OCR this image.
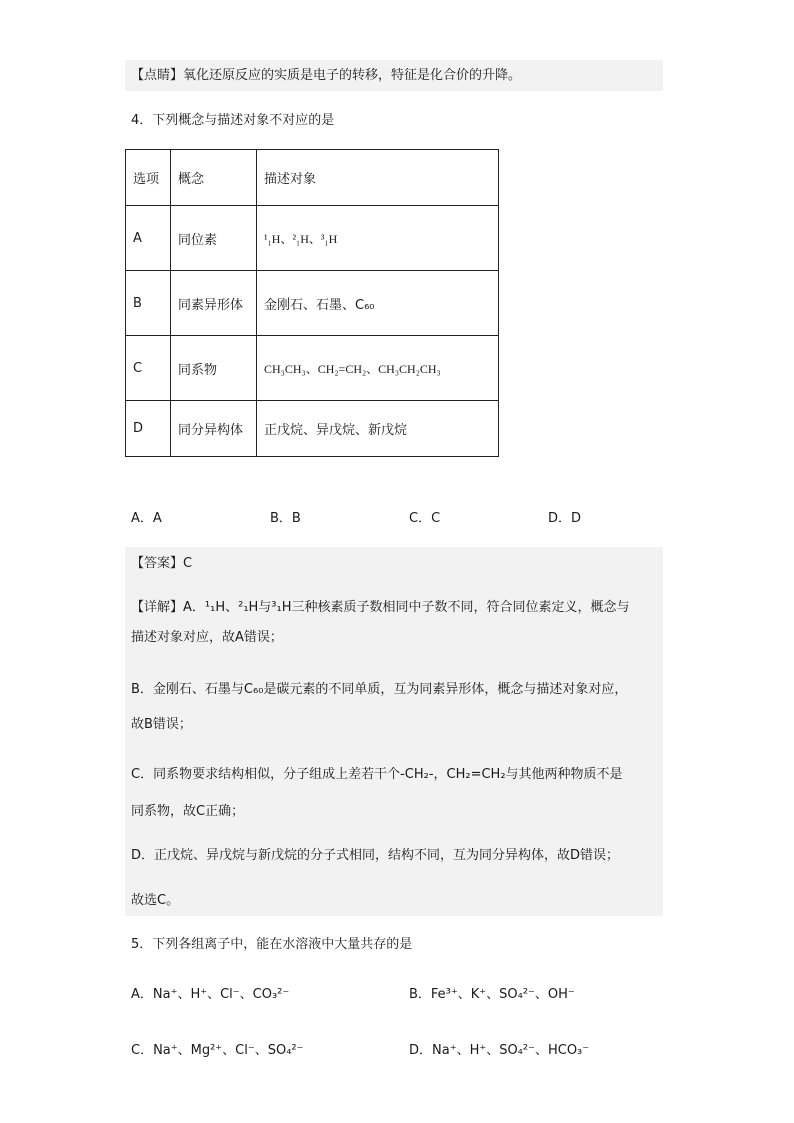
【点睛】氧化还原反应的实质是电子的转移，特征是化合价的升降。
4．下列概念与描述对象不对应的是
选项	概念	描述对象
A	同位素	¹₁H、²₁H、³₁H
B	同素异形体	金刚石、石墨、C₆₀
C	同系物	CH₃CH₃、CH₂=CH₂、CH₃CH₂CH₃
D	同分异构体	正戊烷、异戊烷、新戊烷
A．A	B．B	C．C	D．D
【答案】C
【详解】A．¹₁H、²₁H与³₁H三种核素质子数相同中子数不同，符合同位素定义，概念与
描述对象对应，故A错误；
B．金刚石、石墨与C₆₀是碳元素的不同单质，互为同素异形体，概念与描述对象对应，
故B错误；
C．同系物要求结构相似，分子组成上差若干个-CH₂-，CH₂=CH₂与其他两种物质不是
同系物，故C正确；
D．正戊烷、异戊烷与新戊烷的分子式相同，结构不同，互为同分异构体，故D错误；
故选C。
5．下列各组离子中，能在水溶液中大量共存的是
A．Na⁺、H⁺、Cl⁻、CO₃²⁻	B．Fe³⁺、K⁺、SO₄²⁻、OH⁻
C．Na⁺、Mg²⁺、Cl⁻、SO₄²⁻	D．Na⁺、H⁺、SO₄²⁻、HCO₃⁻
